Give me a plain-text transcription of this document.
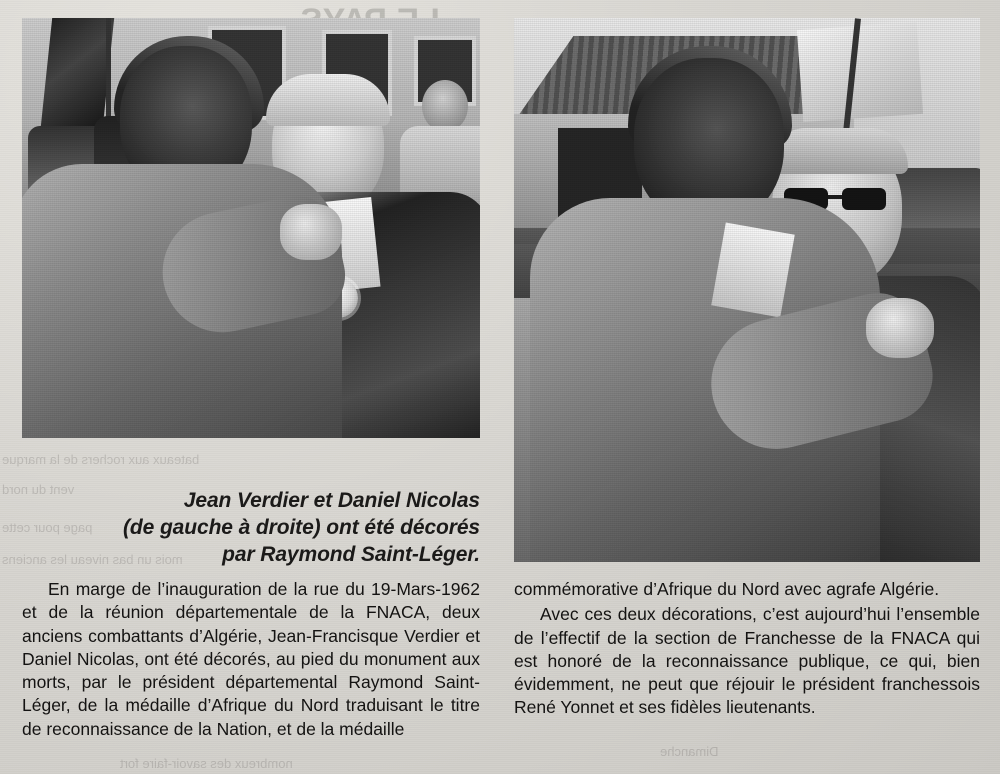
bateaux aux rochers de la marque
vent du nord
page pour cette
mois un bas niveau les anciens
Dimanche
nombreux des savoir-faire fort
Jean Verdier et Daniel Nicolas
(de gauche à droite) ont été décorés
par Raymond Saint-Léger.

En marge de l’inauguration de la rue du 19-Mars-1962 et de la réunion départementale de la FNACA, deux anciens combattants d’Algérie, Jean-Francisque Verdier et Daniel Nicolas, ont été décorés, au pied du monument aux morts, par le président départemental Raymond Saint-Léger, de la médaille d’Afrique du Nord traduisant le titre de reconnaissance de la Nation, et de la médaille

commémorative d’Afrique du Nord avec agrafe Algérie.

Avec ces deux décorations, c’est aujourd’hui l’ensemble de l’effectif de la section de Franchesse de la FNACA qui est honoré de la reconnaissance publique, ce qui, bien évidemment, ne peut que réjouir le président franchessois René Yonnet et ses fidèles lieutenants.
